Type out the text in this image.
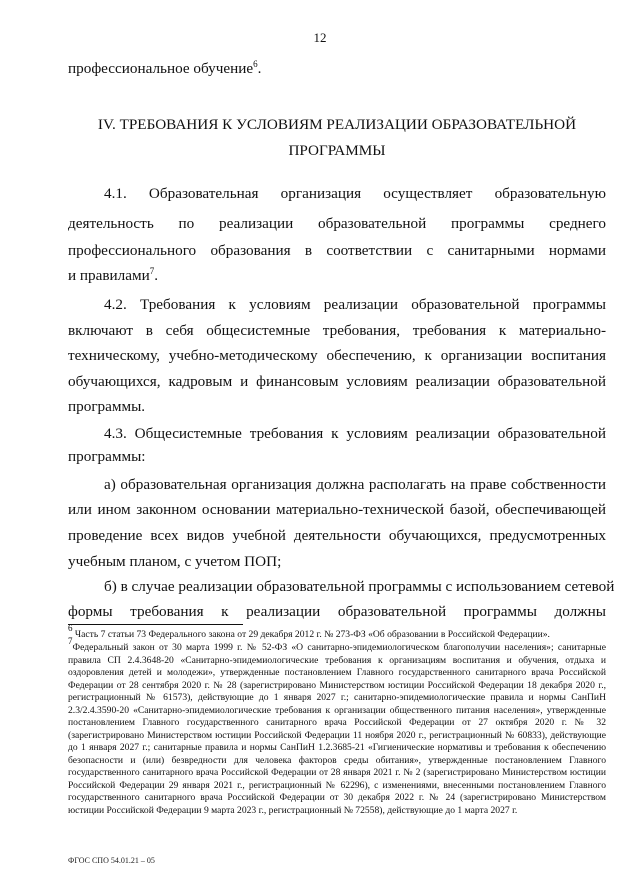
12
профессиональное обучение$^6$.
IV. ТРЕБОВАНИЯ К УСЛОВИЯМ РЕАЛИЗАЦИИ ОБРАЗОВАТЕЛЬНОЙ
ПРОГРАММЫ
4.1. Образовательная организация осуществляет образовательную
деятельность по реализации образовательной программы среднего
профессионального образования в соответствии с санитарными нормами
и правилами$^7$.
4.2. Требования к условиям реализации образовательной программы
включают в себя общесистемные требования, требования к материально-
техническому, учебно-методическому обеспечению, к организации воспитания
обучающихся, кадровым и финансовым условиям реализации образовательной
программы.
4.3. Общесистемные требования к условиям реализации образовательной
программы:
а) образовательная организация должна располагать на праве собственности
или ином законном основании материально-технической базой, обеспечивающей
проведение всех видов учебной деятельности обучающихся, предусмотренных
учебным планом, с учетом ПОП;
б) в случае реализации образовательной программы с использованием сетевой
формы требования к реализации образовательной программы должны
$^6$ Часть 7 статьи 73 Федерального закона от 29 декабря 2012 г. № 273-ФЗ «Об образовании в Российской Федерации».
$^7$Федеральный закон от 30 марта 1999 г. № 52-ФЗ «О санитарно-эпидемиологическом благополучии населения»; санитарные правила СП 2.4.3648-20 «Санитарно-эпидемиологические требования к организациям воспитания и обучения, отдыха и оздоровления детей и молодежи», утвержденные постановлением Главного государственного санитарного врача Российской Федерации от 28 сентября 2020 г. № 28 (зарегистрировано Министерством юстиции Российской Федерации 18 декабря 2020 г., регистрационный № 61573), действующие до 1 января 2027 г.; санитарно-эпидемиологические правила и нормы СанПиН 2.3/2.4.3590-20 «Санитарно-эпидемиологические требования к организации общественного питания населения», утвержденные постановлением Главного государственного санитарного врача Российской Федерации от 27 октября 2020 г. № 32 (зарегистрировано Министерством юстиции Российской Федерации 11 ноября 2020 г., регистрационный № 60833), действующие до 1 января 2027 г.; санитарные правила и нормы СанПиН 1.2.3685-21 «Гигиенические нормативы и требования к обеспечению безопасности и (или) безвредности для человека факторов среды обитания», утвержденные постановлением Главного государственного санитарного врача Российской Федерации от 28 января 2021 г. № 2 (зарегистрировано Министерством юстиции Российской Федерации 29 января 2021 г., регистрационный № 62296), с изменениями, внесенными постановлением Главного государственного санитарного врача Российской Федерации от 30 декабря 2022 г. № 24 (зарегистрировано Министерством юстиции Российской Федерации 9 марта 2023 г., регистрационный № 72558), действующие до 1 марта 2027 г.
ФГОС СПО 54.01.21 – 05
